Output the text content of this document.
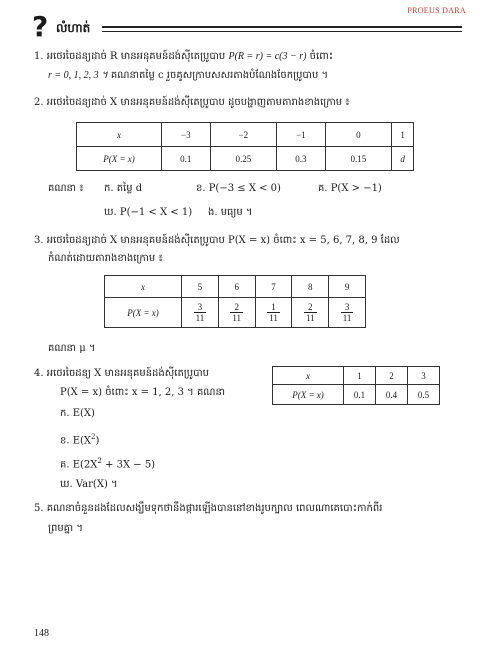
PROEUS DARA
? លំហាត់
1. អថេរចៃដន្យដាច់ R មានអនុគមន៍ដង់ស៊ីតេប្រូបាប P(R = r) = c(3 − r) ចំពោះ
r = 0, 1, 2, 3 ។ គណនាតម្លៃ c រួចគូសក្រាបសសរតាងបំណែងចែកប្រូបាប ។
2. អថេរចៃដន្យដាច់ X មានអនុគមន៍ដង់ស៊ីតេប្រូបាប ដូចបង្ហាញតាមតារាងខាងក្រោម ៖
x	−3	−2	−1	0	1
P(X = x)	0.1	0.25	0.3	0.15	d
គណនា ៖ ក. តម្លៃ d	ខ. P(−3 ≤ X < 0)	គ. P(X > −1)
ឃ. P(−1 < X < 1) ង. មធ្យម ។
3. អថេរចៃដន្យដាច់ X មានអនុគមន៍ដង់ស៊ីតេប្រូបាប P(X = x) ចំពោះ x = 5, 6, 7, 8, 9 ដែល
កំណត់ដោយតារាងខាងក្រោម ៖
x	5	6	7	8	9
P(X = x)	$\frac{3}{11}$	$\frac{2}{11}$	$\frac{1}{11}$	$\frac{2}{11}$	$\frac{3}{11}$
គណនា μ ។
4. អថេរចៃដន្យ X មានអនុគមន៍ដង់ស៊ីតេប្រូបាប
P(X = x) ចំពោះ x = 1, 2, 3 ។ គណនា
x	1	2	3
P(X = x)	0.1	0.4	0.5
ក. E(X)
ខ. $E(X^2)$
គ. $E(2X^2 + 3X - 5)$
ឃ. Var(X) ។
5. គណនាចំនួនដងដែលសង្ឃឹមទុកថានឹងផ្ការឡើងបាននៅខាងរូបក្បាល ពេលណាគេបោះកាក់ពីរ
ព្រមគ្នា ។
148
